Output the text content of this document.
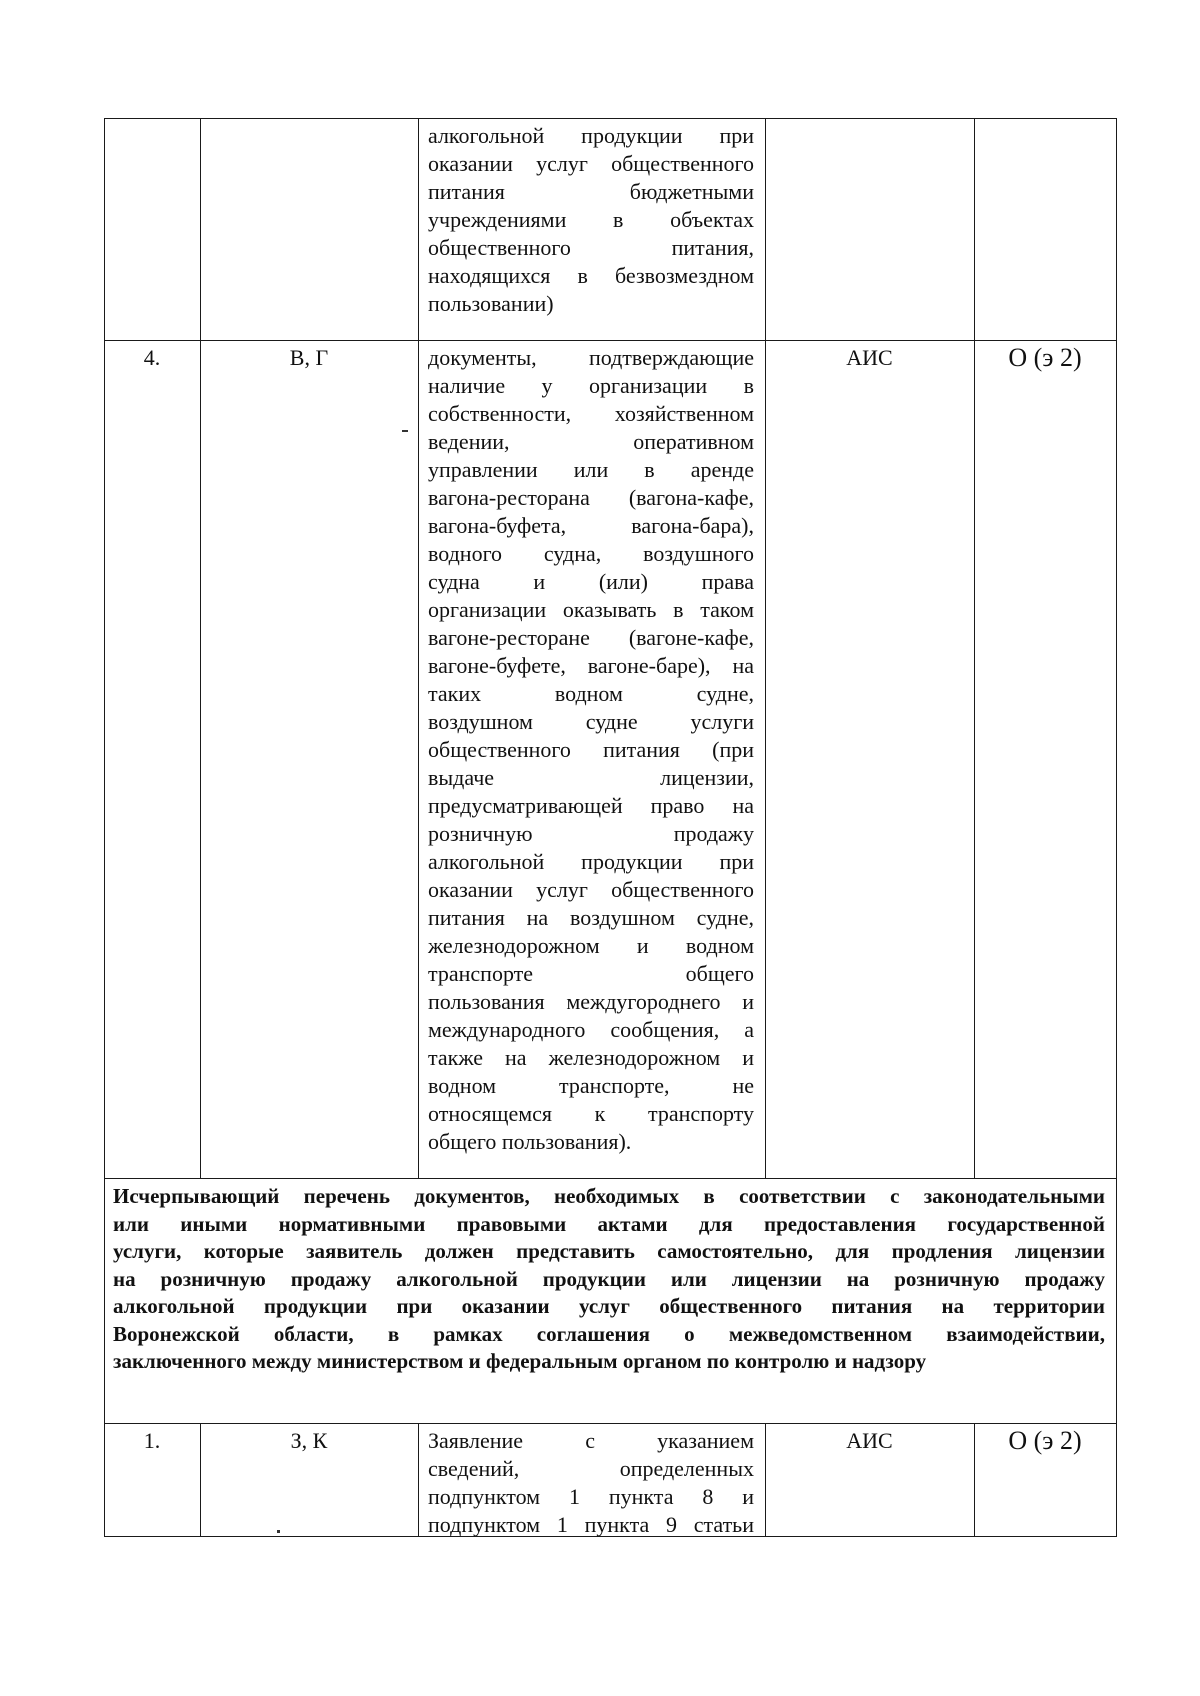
алкогольной продукции при
оказании услуг общественного
питания бюджетными
учреждениями в объектах
общественного питания,
находящихся в безвозмездном
пользовании)
4.	В, Г	документы, подтверждающие
наличие у организации в
собственности, хозяйственном
ведении, оперативном
управлении или в аренде
вагона-ресторана (вагона-кафе,
вагона-буфета, вагона-бара),
водного судна, воздушного
судна и (или) права
организации оказывать в таком
вагоне-ресторане (вагоне-кафе,
вагоне-буфете, вагоне-баре), на
таких водном судне,
воздушном судне услуги
общественного питания (при
выдаче лицензии,
предусматривающей право на
розничную продажу
алкогольной продукции при
оказании услуг общественного
питания на воздушном судне,
железнодорожном и водном
транспорте общего
пользования междугороднего и
международного сообщения, а
также на железнодорожном и
водном транспорте, не
относящемся к транспорту
общего пользования).
АИС	О (э 2)
Исчерпывающий перечень документов, необходимых в соответствии с законодательными
или иными нормативными правовыми актами для предоставления государственной
услуги, которые заявитель должен представить самостоятельно, для продления лицензии
на розничную продажу алкогольной продукции или лицензии на розничную продажу
алкогольной продукции при оказании услуг общественного питания на территории
Воронежской области, в рамках соглашения о межведомственном взаимодействии,
заключенного между министерством и федеральным органом по контролю и надзору
1.	З, К	Заявление с указанием
сведений, определенных
подпунктом 1 пункта 8 и
подпунктом 1 пункта 9 статьи
АИС	О (э 2)
